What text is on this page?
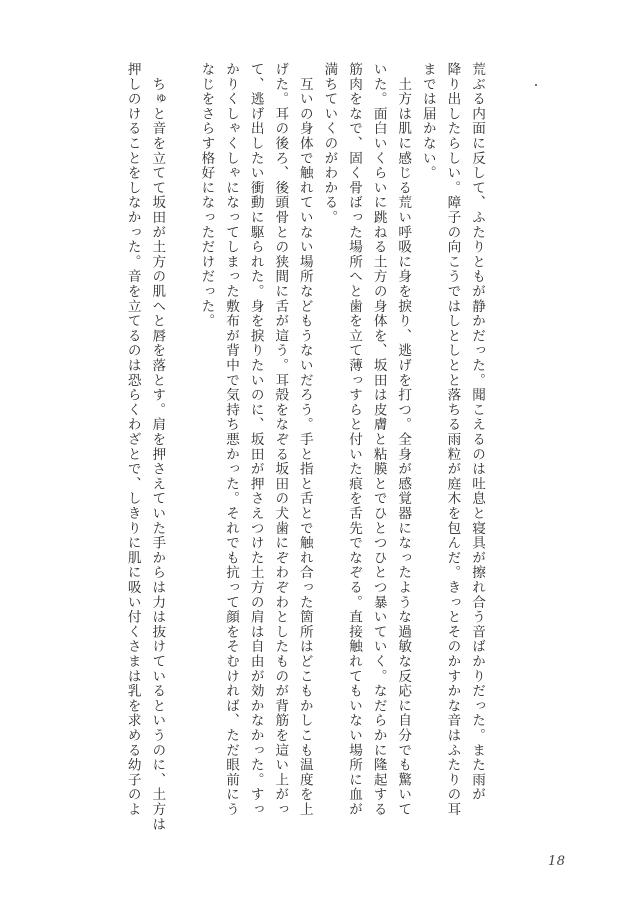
荒ぶる内面に反して、ふたりともが静かだった。聞こえるのは吐息と寝具が擦れ合う音ばかりだった。また雨が
降り出したらしい。障子の向こうではしとしとと落ちる雨粒が庭木を包んだ。きっとそのかすかな音はふたりの耳
までは届かない。
　土方は肌に感じる荒い呼吸に身を捩り、逃げを打つ。全身が感覚器になったような過敏な反応に自分でも驚いて
いた。面白いくらいに跳ねる土方の身体を、坂田は皮膚と粘膜とでひとつひとつ暴いていく。なだらかに隆起する
筋肉をなで、固く骨ばった場所へと歯を立て薄っすらと付いた痕を舌先でなぞる。直接触れてもいない場所に血が
満ちていくのがわかる。
　互いの身体で触れていない場所などもうないだろう。手と指と舌とで触れ合った箇所はどこもかしこも温度を上
げた。耳の後ろ、後頭骨との狭間に舌が這う。耳殻をなぞる坂田の犬歯にぞわぞわとしたものが背筋を這い上がっ
て、逃げ出したい衝動に駆られた。身を捩りたいのに、坂田が押さえつけた土方の肩は自由が効かなかった。すっ
かりくしゃくしゃになってしまった敷布が背中で気持ち悪かった。それでも抗って顔をそむければ、ただ眼前にう
なじをさらす格好になっただけだった。
　ちゅと音を立てて坂田が土方の肌へと唇を落とす。肩を押さえていた手からは力は抜けているというのに、土方は
押しのけることをしなかった。音を立てるのは恐らくわざとで、しきりに肌に吸い付くさまは乳を求める幼子のよ
18
